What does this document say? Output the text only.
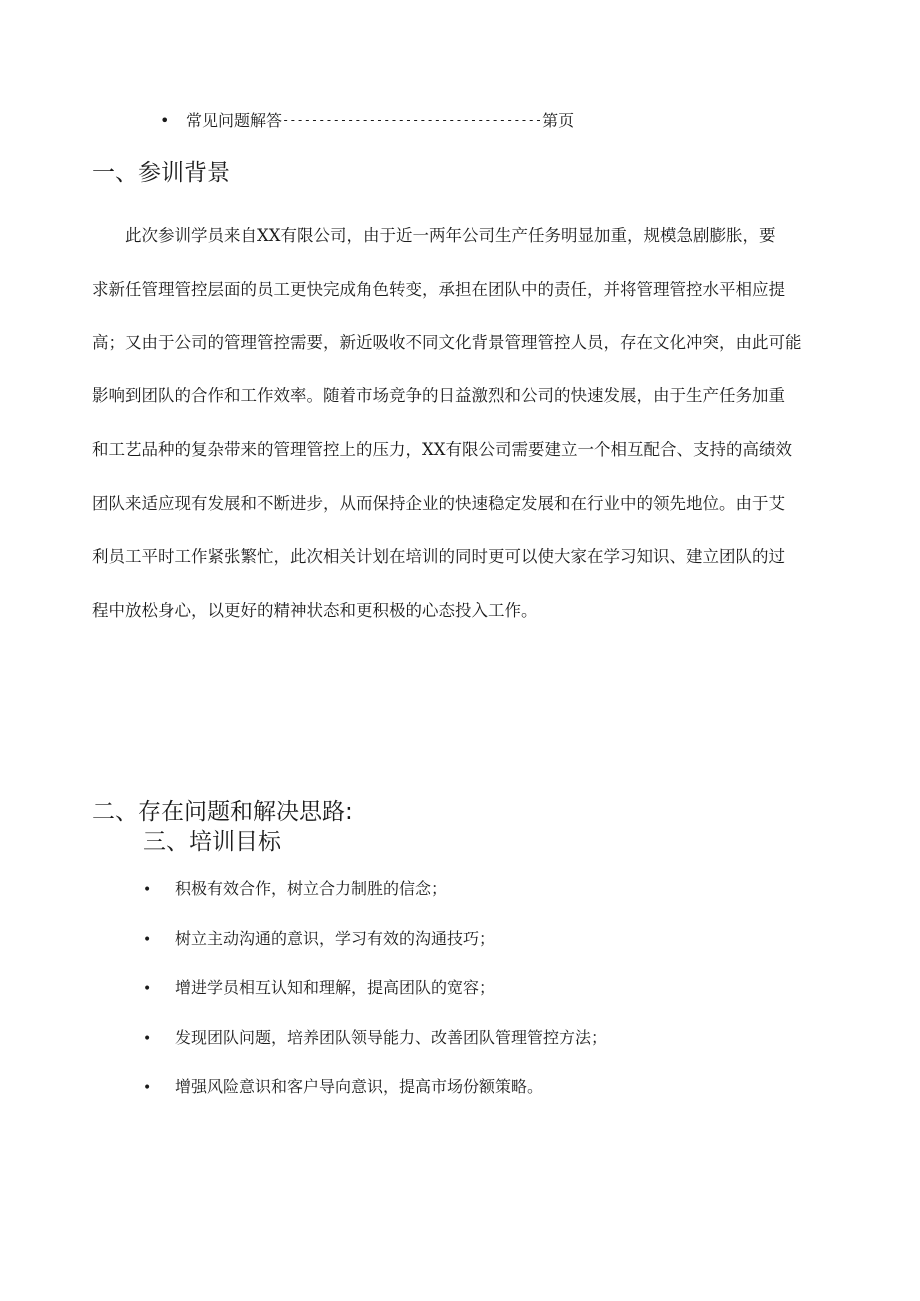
• 常见问题解答------------------------------------第页
一、参训背景
　　此次参训学员来自XX有限公司，由于近一两年公司生产任务明显加重，规模急剧膨胀，要
求新任管理管控层面的员工更快完成角色转变，承担在团队中的责任，并将管理管控水平相应提
高；又由于公司的管理管控需要，新近吸收不同文化背景管理管控人员，存在文化冲突，由此可能
影响到团队的合作和工作效率。随着市场竞争的日益激烈和公司的快速发展，由于生产任务加重
和工艺品种的复杂带来的管理管控上的压力，XX有限公司需要建立一个相互配合、支持的高绩效
团队来适应现有发展和不断进步，从而保持企业的快速稳定发展和在行业中的领先地位。由于艾
利员工平时工作紧张繁忙，此次相关计划在培训的同时更可以使大家在学习知识、建立团队的过
程中放松身心，以更好的精神状态和更积极的心态投入工作。
二、存在问题和解决思路:
三、培训目标
• 积极有效合作，树立合力制胜的信念；
• 树立主动沟通的意识，学习有效的沟通技巧；
• 增进学员相互认知和理解，提高团队的宽容；
• 发现团队问题，培养团队领导能力、改善团队管理管控方法；
• 增强风险意识和客户导向意识，提高市场份额策略。
